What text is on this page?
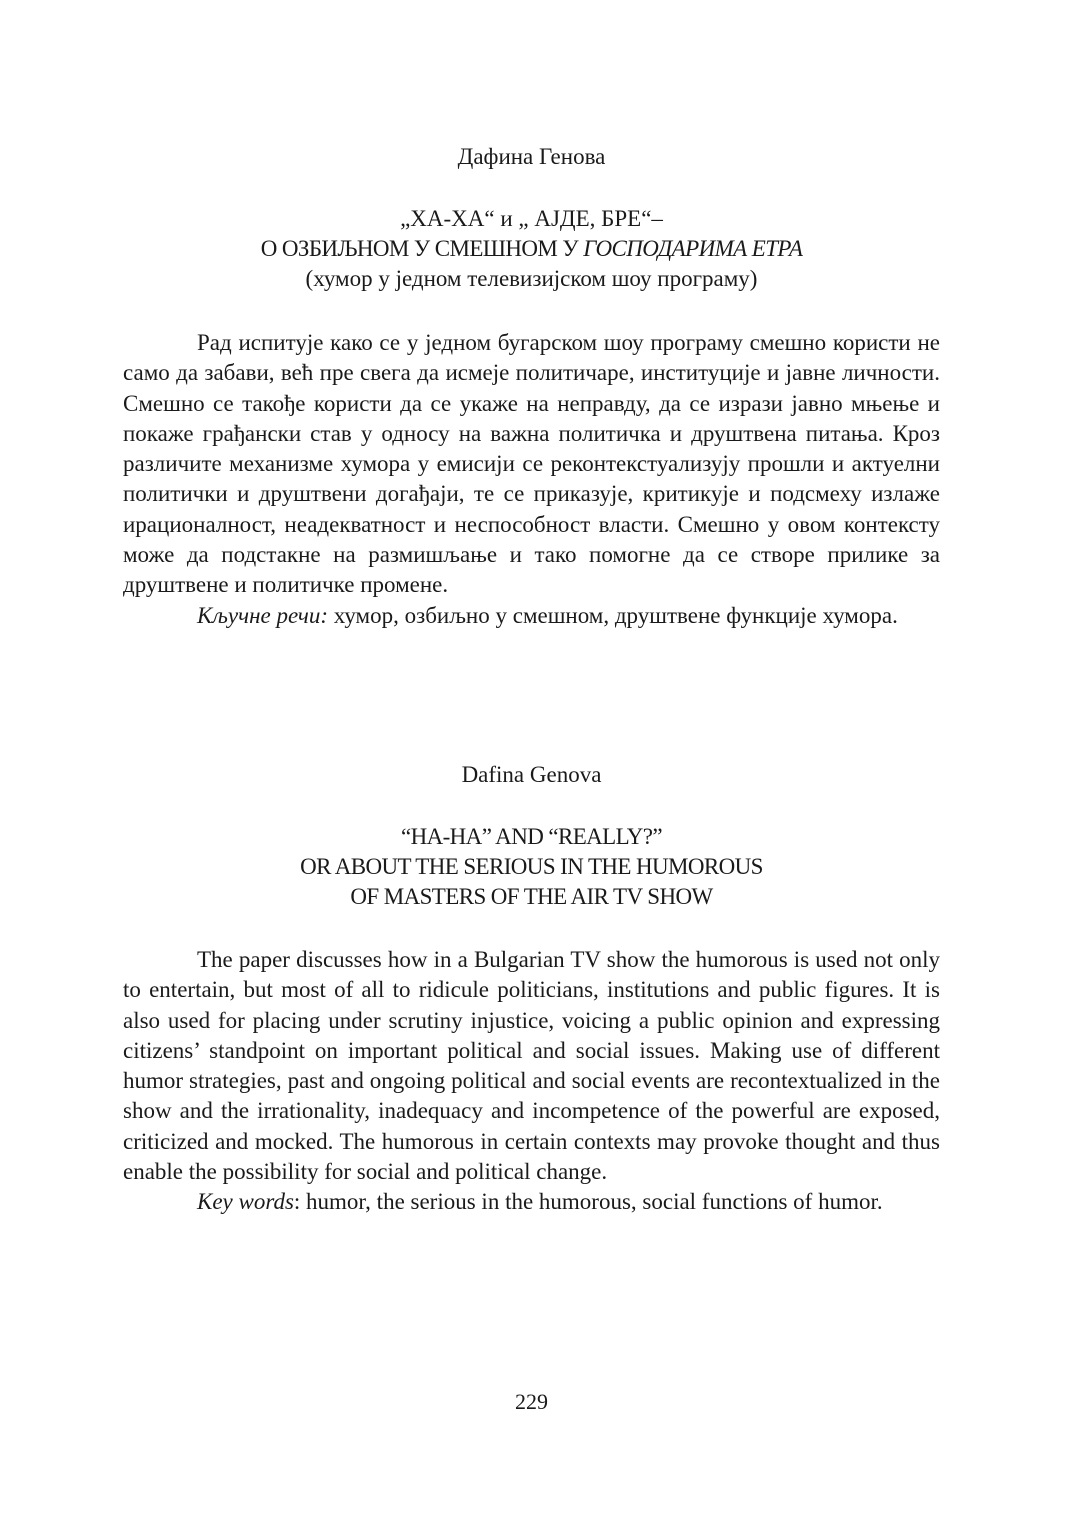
Дафина Генова
„ХА-ХА“ и „ АЈДЕ, БРЕ“–
О ОЗБИЉНОМ У СМЕШНОМ У ГОСПОДАРИМА ЕТРА
(хумор у једном телевизијском шоу програму)

Рад испитује како се у једном бугарском шоу програму смешно користи не само да забави, већ пре свега да исмеје политичаре, институције и јавне личности. Смешно се такође користи да се укаже на неправду, да се изрази јавно мњење и покаже грађански став у односу на важна политичка и друштвена питања. Кроз различите механизме хумора у емисији се реконтекстуализују прошли и актуелни политички и друштвени догађаји, те се приказује, критикује и подсмеху излаже ирационалност, неадекватност и неспособност власти. Смешно у овом контексту може да подстакне на размишљање и тако помогне да се створе прилике за друштвене и политичке промене.

Кључне речи: хумор, озбиљно у смешном, друштвене функције хумора.

Dafina Genova
“HA-HA” AND “REALLY?”
OR ABOUT THE SERIOUS IN THE HUMOROUS
OF MASTERS OF THE AIR TV SHOW

The paper discusses how in a Bulgarian TV show the humorous is used not only to entertain, but most of all to ridicule politicians, institutions and public figures. It is also used for placing under scrutiny injustice, voicing a public opinion and expressing citizens’ standpoint on important political and social issues. Making use of different humor strategies, past and ongoing political and social events are recontextualized in the show and the irrationality, inadequacy and incompetence of the powerful are exposed, criticized and mocked. The humorous in certain contexts may provoke thought and thus enable the possibility for social and political change.

Key words: humor, the serious in the humorous, social functions of humor.

229
